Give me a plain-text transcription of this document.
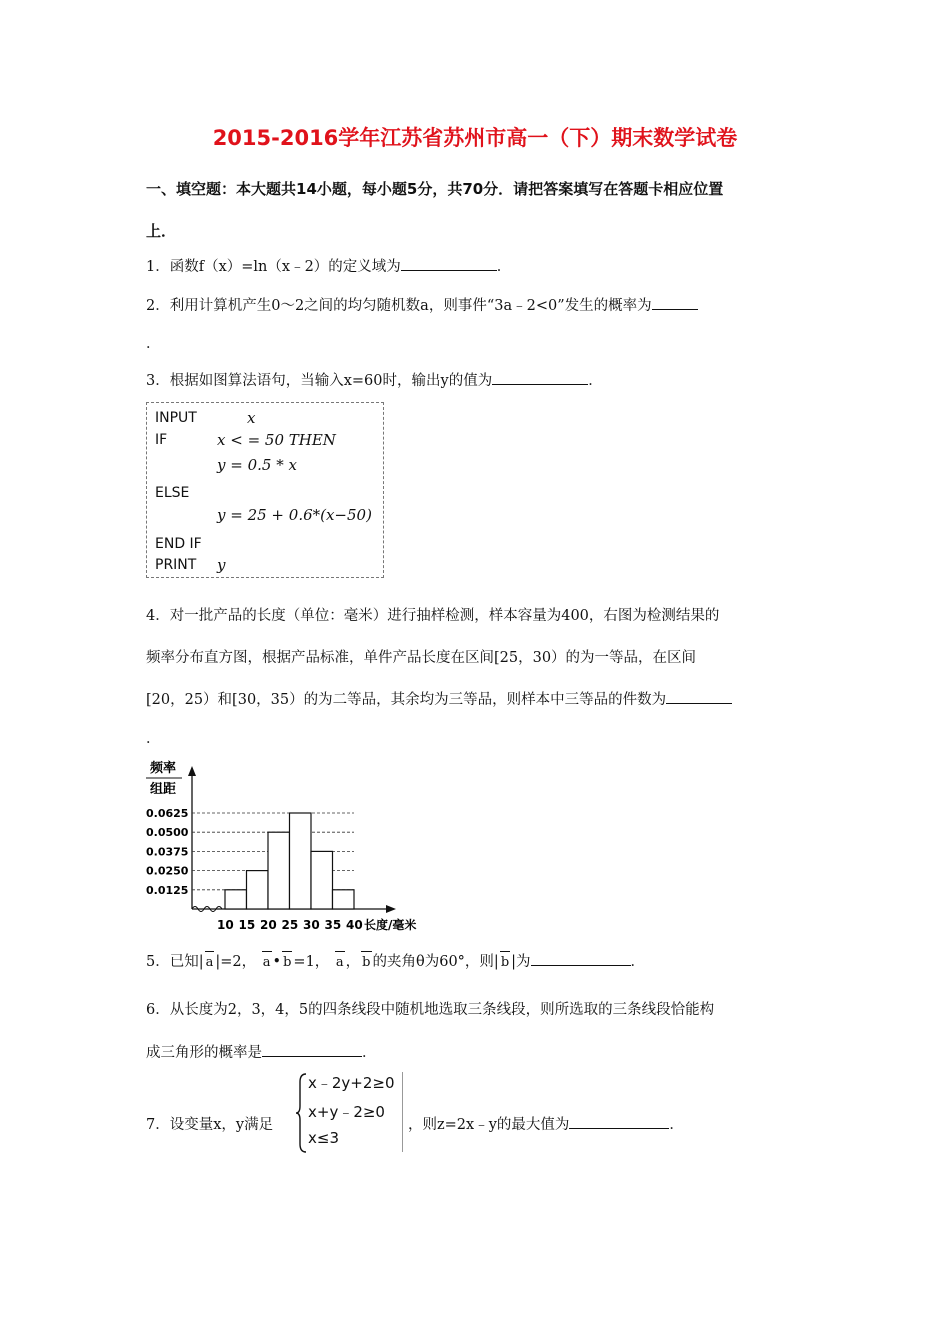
2015-2016学年江苏省苏州市高一（下）期末数学试卷
一、填空题：本大题共14小题，每小题5分，共70分．请把答案填写在答题卡相应位置
上．
1．函数f（x）=ln（x﹣2）的定义域为	．
2．利用计算机产生0～2之间的均匀随机数a，则事件“3a﹣2<0”发生的概率为
．
3．根据如图算法语句，当输入x=60时，输出y的值为	．
INPUT	x
IF	x < = 50 THEN
y = 0.5 * x
ELSE
y = 25 + 0.6*(x−50)
END IF
PRINT y
4．对一批产品的长度（单位：毫米）进行抽样检测，样本容量为400，右图为检测结果的
频率分布直方图，根据产品标准，单件产品长度在区间[25，30）的为一等品，在区间
[20，25）和[30，35）的为二等品，其余均为三等品，则样本中三等品的件数为
．
频率
组距
0.0625
0.0500
0.0375
0.0250
0.0125
10 15 20 25 30 35 40 长度/毫米
5．已知| a |=2， a • b =1， a ， b 的夹角θ为60°，则| b |为	．
6．从长度为2，3，4，5的四条线段中随机地选取三条线段，则所选取的三条线段恰能构
成三角形的概率是	．
7．设变量x，y满足
x﹣2y+2≥0
x+y﹣2≥0
x≤3
，则z=2x﹣y的最大值为	．
